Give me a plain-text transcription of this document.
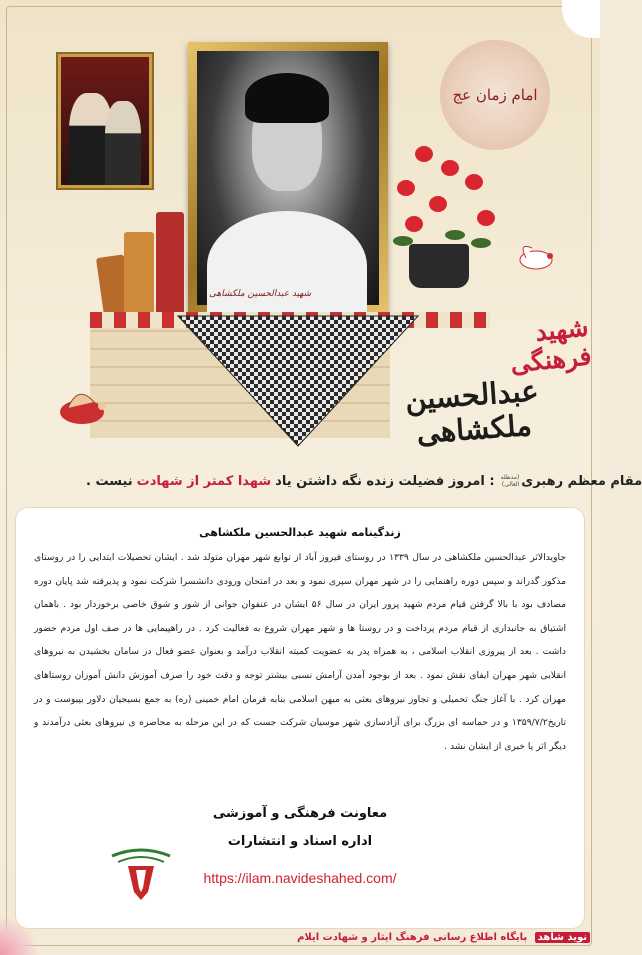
شهید عبدالحسین ملکشاهی
امام زمان عج
شهید فرهنگی
عبدالحسین ملکشاهی
مقام معظم رهبری
(مدظله العالی)
: امروز فضیلت زنده نگه داشتن یاد
شهدا کمتر از شهادت
نیست .
زندگینامه شهید عبدالحسین ملکشاهی
جاویدالاثر عبدالحسین ملکشاهی در سال ۱۳۳۹ در روستای فیروز آباد از توابع شهر مهران متولد شد . ایشان تحصیلات ابتدایی را در روستای مذکور گذراند و سپس دوره راهنمایی را در شهر مهران سپری نمود و بعد در امتحان ورودی دانشسرا شرکت نمود و پذیرفته شد پایان دوره مصادف بود با بالا گرفتن قیام مردم شهید پرور ایران در سال ۵۶ ایشان در عنفوان جوانی از شور و شوق خاصی برخوردار بود . باهمان اشتیاق به جانبداری از قیام مردم پرداخت و در روستا ها و شهر مهران شروع به فعالیت کرد . در راهپیمایی ها در صف اول مردم حضور داشت . بعد از پیروزی انقلاب اسلامی ، به همراه پدر به عضویت کمیته انقلاب درآمد و بعنوان عضو فعال در سامان بخشیدن به نیروهای انقلابی شهر مهران ایفای نقش نمود . بعد از بوجود آمدن آرامش نسبی بیشتر توجه و دقت خود را صرف آموزش دانش آموزان روستاهای مهران کرد . با آغاز جنگ تحمیلی و تجاوز نیروهای بعثی به میهن اسلامی بنابه فرمان امام خمینی (ره) به جمع بسیجیان دلاور بپیوست و در تاریخ۱۳۵۹/۷/۲ و در حماسه ای بزرگ برای آزادسازی شهر موسیان شرکت جست که در این مرحله به محاصره ی نیروهای بعثی درآمدند و دیگر اثر یا خبری از ایشان نشد .
معاونت فرهنگی و آموزشی
اداره اسناد و انتشارات
https://ilam.navideshahed.com/
نوید شاهد پایگاه اطلاع رسانی فرهنگ ایثار و شهادت ایلام
